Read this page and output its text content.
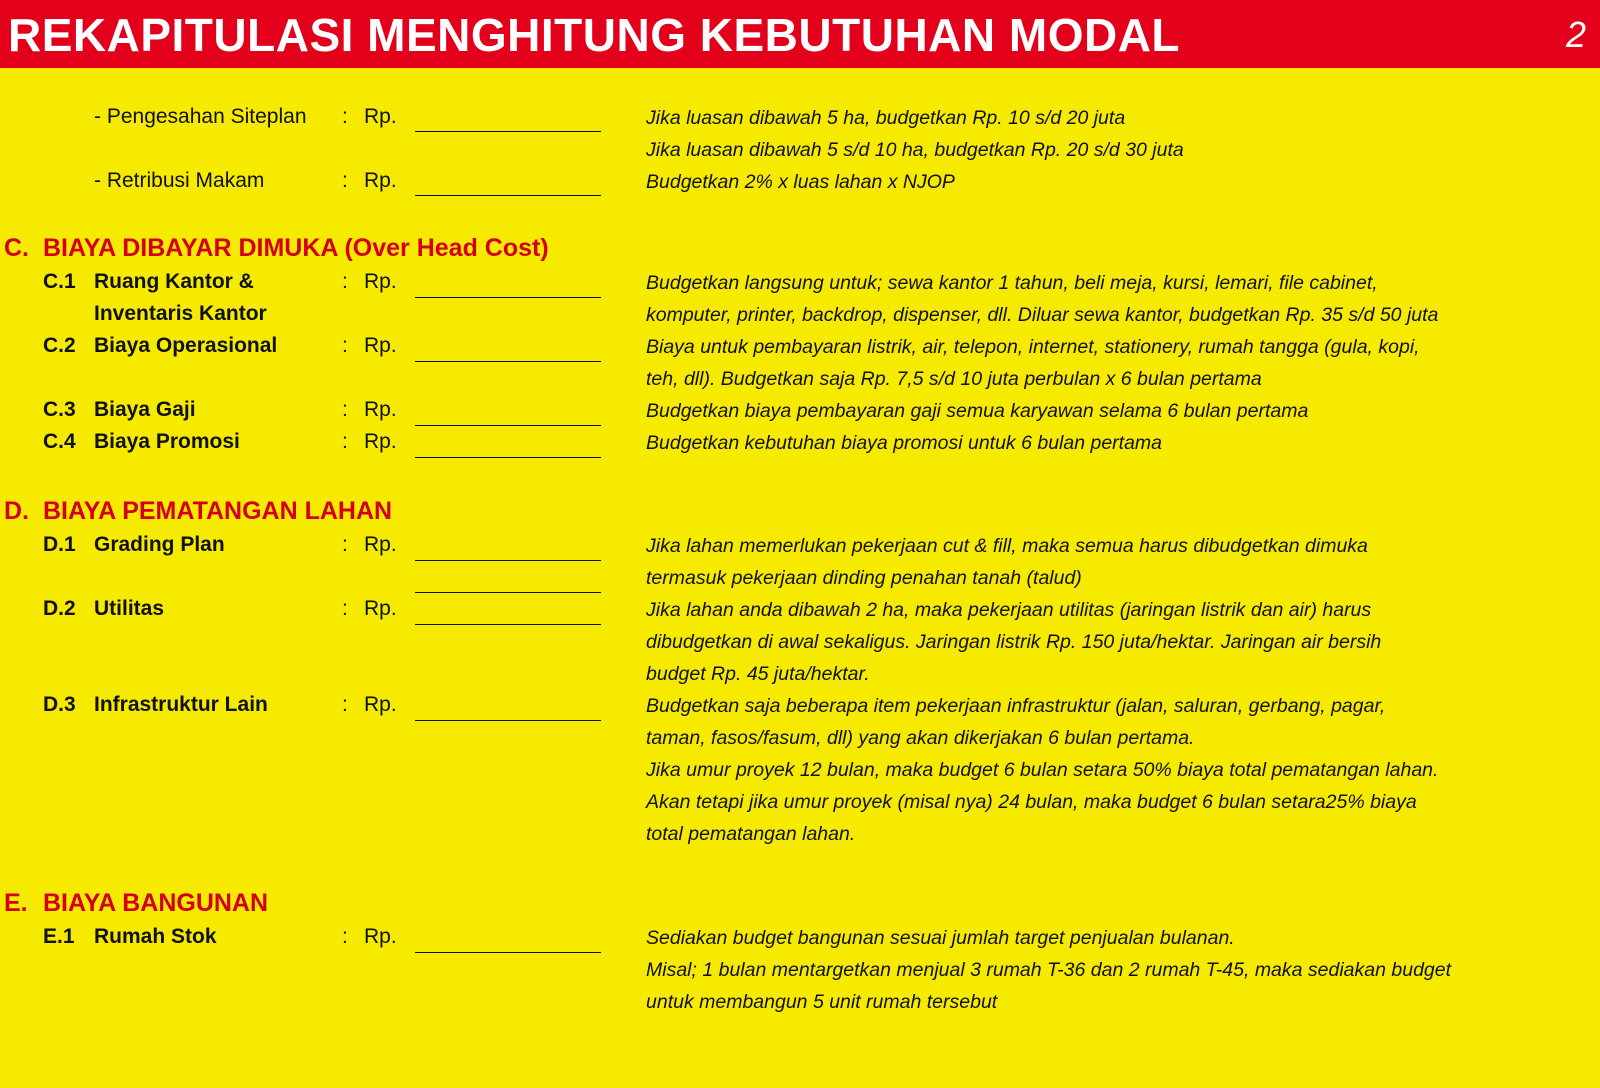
REKAPITULASI MENGHITUNG KEBUTUHAN MODAL	2
- Pengesahan Siteplan : Rp.	Jika luasan dibawah 5 ha, budgetkan Rp. 10 s/d 20 juta
Jika luasan dibawah 5 s/d 10 ha, budgetkan Rp. 20 s/d 30 juta
- Retribusi Makam	: Rp.	Budgetkan 2% x luas lahan x NJOP
C. BIAYA DIBAYAR DIMUKA (Over Head Cost)
C.1 Ruang Kantor &
Inventaris Kantor
: Rp.	Budgetkan langsung untuk; sewa kantor 1 tahun, beli meja, kursi, lemari, file cabinet,
komputer, printer, backdrop, dispenser, dll. Diluar sewa kantor, budgetkan Rp. 35 s/d 50 juta
C.2 Biaya Operasional	: Rp.	Biaya untuk pembayaran listrik, air, telepon, internet, stationery, rumah tangga (gula, kopi,
teh, dll). Budgetkan saja Rp. 7,5 s/d 10 juta perbulan x 6 bulan pertama
C.3 Biaya Gaji	: Rp.	Budgetkan biaya pembayaran gaji semua karyawan selama 6 bulan pertama
C.4 Biaya Promosi	: Rp.	Budgetkan kebutuhan biaya promosi untuk 6 bulan pertama
D. BIAYA PEMATANGAN LAHAN
D.1 Grading Plan	: Rp.	Jika lahan memerlukan pekerjaan cut & fill, maka semua harus dibudgetkan dimuka
termasuk pekerjaan dinding penahan tanah (talud)
D.2 Utilitas	: Rp.	Jika lahan anda dibawah 2 ha, maka pekerjaan utilitas (jaringan listrik dan air) harus
dibudgetkan di awal sekaligus. Jaringan listrik Rp. 150 juta/hektar. Jaringan air bersih
budget Rp. 45 juta/hektar.
D.3 Infrastruktur Lain	: Rp.	Budgetkan saja beberapa item pekerjaan infrastruktur (jalan, saluran, gerbang, pagar,
taman, fasos/fasum, dll) yang akan dikerjakan 6 bulan pertama.
Jika umur proyek 12 bulan, maka budget 6 bulan setara 50% biaya total pematangan lahan.
Akan tetapi jika umur proyek (misal nya) 24 bulan, maka budget 6 bulan setara25% biaya
total pematangan lahan.
E. BIAYA BANGUNAN
E.1 Rumah Stok	: Rp.	Sediakan budget bangunan sesuai jumlah target penjualan bulanan.
Misal; 1 bulan mentargetkan menjual 3 rumah T-36 dan 2 rumah T-45, maka sediakan budget
untuk membangun 5 unit rumah tersebut
